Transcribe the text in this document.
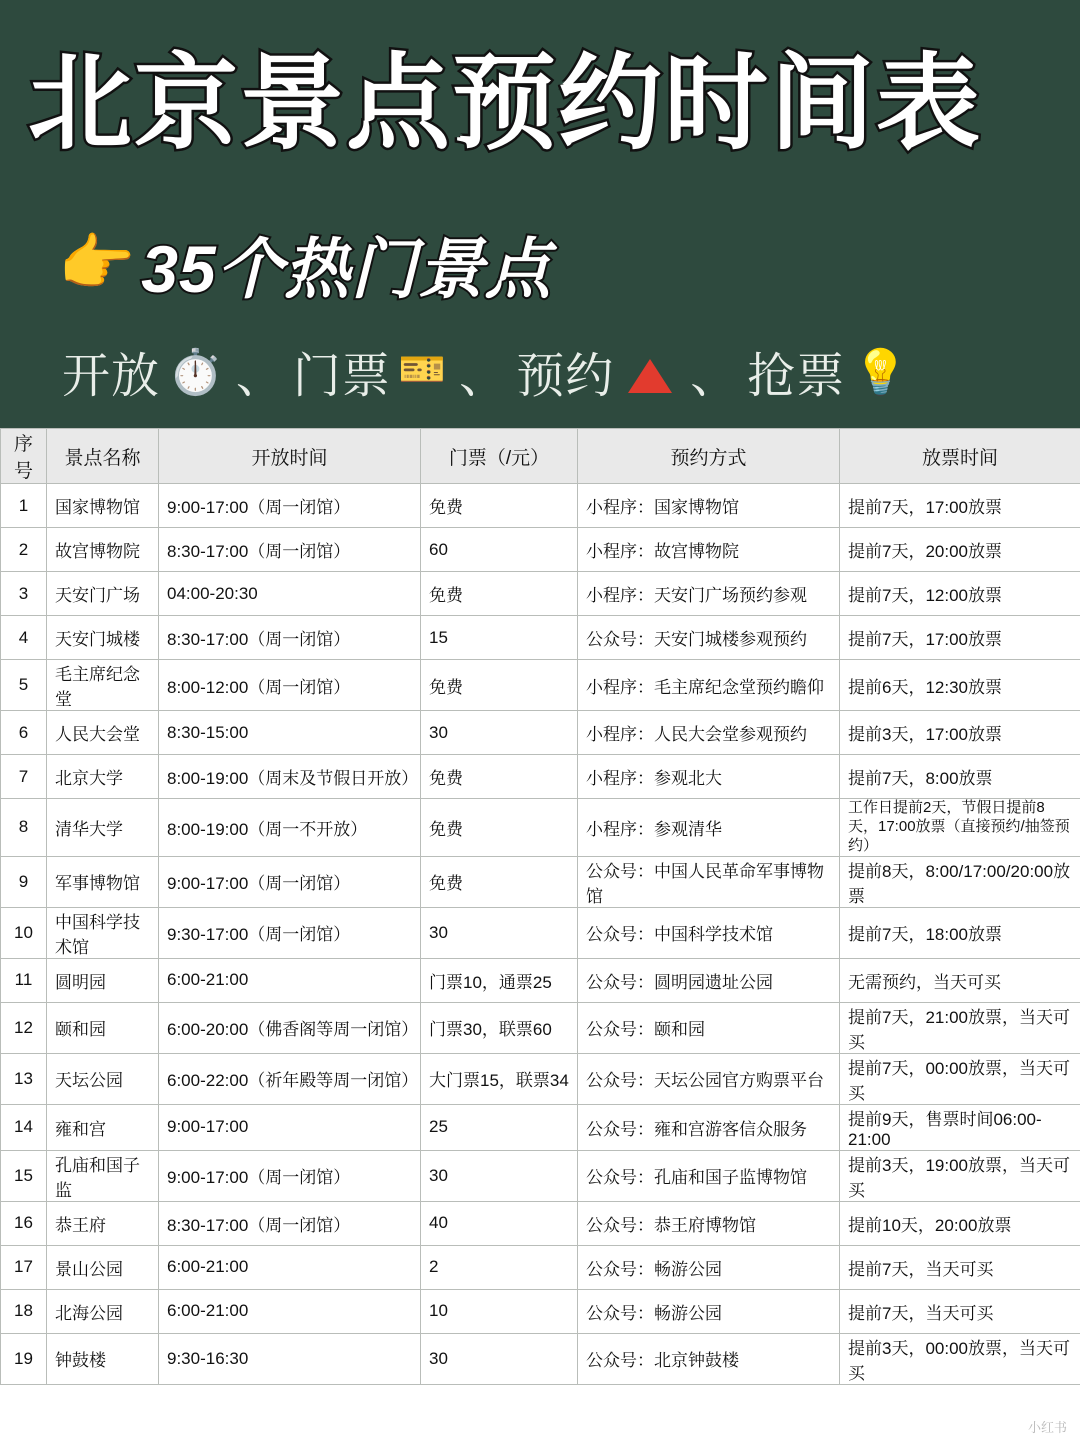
北京景点预约时间表
👉 35个热门景点
开放 ⏱️ 、 门票 🎫 、 预约 、 抢票 💡
序号	景点名称	开放时间	门票（/元）	预约方式	放票时间
1	国家博物馆	9:00-17:00（周一闭馆）	免费	小程序：国家博物馆	提前7天，17:00放票
2	故宫博物院	8:30-17:00（周一闭馆）	60	小程序：故宫博物院	提前7天，20:00放票
3	天安门广场	04:00-20:30	免费	小程序：天安门广场预约参观	提前7天，12:00放票
4	天安门城楼	8:30-17:00（周一闭馆）	15	公众号：天安门城楼参观预约	提前7天，17:00放票
5	毛主席纪念堂	8:00-12:00（周一闭馆）	免费	小程序：毛主席纪念堂预约瞻仰	提前6天，12:30放票
6	人民大会堂	8:30-15:00	30	小程序：人民大会堂参观预约	提前3天，17:00放票
7	北京大学	8:00-19:00（周末及节假日开放）	免费	小程序：参观北大	提前7天，8:00放票
8	清华大学	8:00-19:00（周一不开放）	免费	小程序：参观清华	工作日提前2天，节假日提前8天，17:00放票（直接预约/抽签预约）
9	军事博物馆	9:00-17:00（周一闭馆）	免费	公众号：中国人民革命军事博物馆	提前8天，8:00/17:00/20:00放票
10	中国科学技术馆	9:30-17:00（周一闭馆）	30	公众号：中国科学技术馆	提前7天，18:00放票
11	圆明园	6:00-21:00	门票10，通票25	公众号：圆明园遗址公园	无需预约，当天可买
12	颐和园	6:00-20:00（佛香阁等周一闭馆）	门票30，联票60	公众号：颐和园	提前7天，21:00放票，当天可买
13	天坛公园	6:00-22:00（祈年殿等周一闭馆）	大门票15，联票34	公众号：天坛公园官方购票平台	提前7天，00:00放票，当天可买
14	雍和宫	9:00-17:00	25	公众号：雍和宫游客信众服务	提前9天，售票时间06:00-21:00
15	孔庙和国子监	9:00-17:00（周一闭馆）	30	公众号：孔庙和国子监博物馆	提前3天，19:00放票，当天可买
16	恭王府	8:30-17:00（周一闭馆）	40	公众号：恭王府博物馆	提前10天，20:00放票
17	景山公园	6:00-21:00	2	公众号：畅游公园	提前7天，当天可买
18	北海公园	6:00-21:00	10	公众号：畅游公园	提前7天，当天可买
19	钟鼓楼	9:30-16:30	30	公众号：北京钟鼓楼	提前3天，00:00放票，当天可买
小红书
